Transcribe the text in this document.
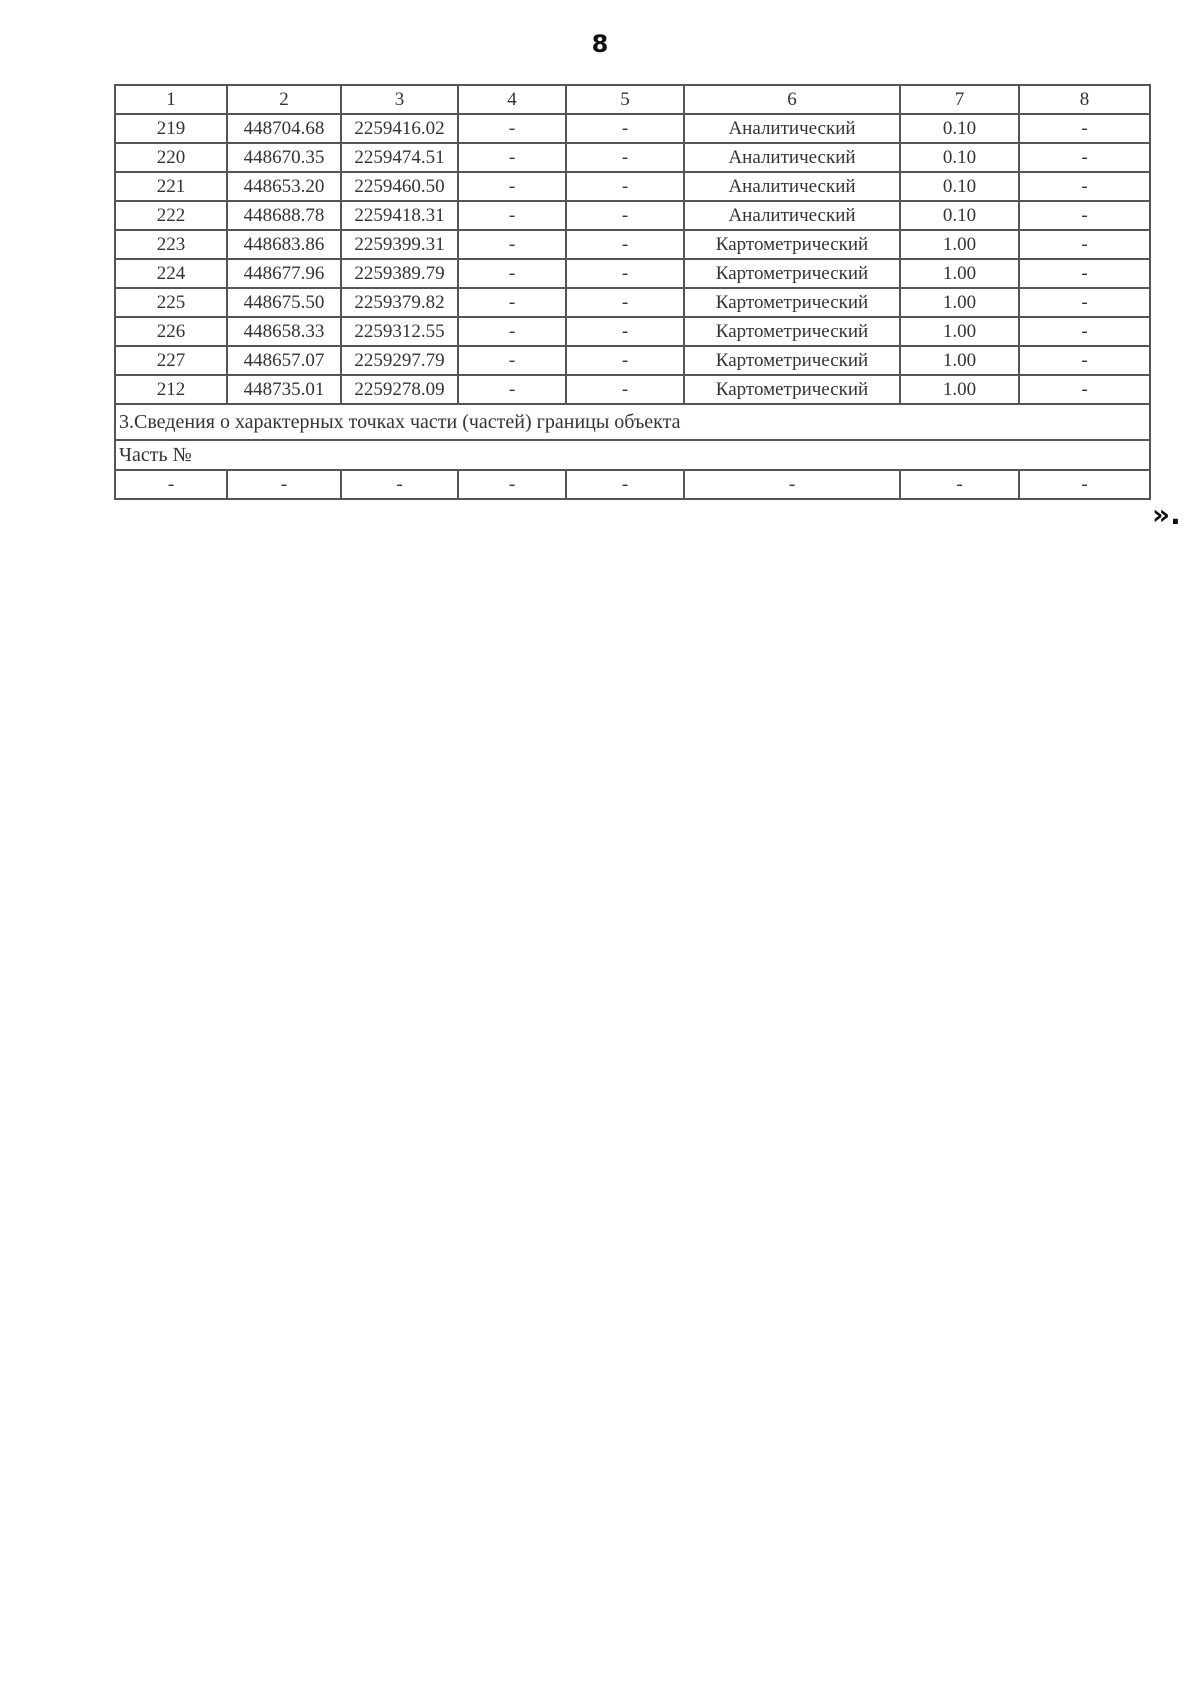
8
1	2	3	4	5	6	7	8
219	448704.68	2259416.02	-	-	Аналитический	0.10	-
220	448670.35	2259474.51	-	-	Аналитический	0.10	-
221	448653.20	2259460.50	-	-	Аналитический	0.10	-
222	448688.78	2259418.31	-	-	Аналитический	0.10	-
223	448683.86	2259399.31	-	-	Картометрический	1.00	-
224	448677.96	2259389.79	-	-	Картометрический	1.00	-
225	448675.50	2259379.82	-	-	Картометрический	1.00	-
226	448658.33	2259312.55	-	-	Картометрический	1.00	-
227	448657.07	2259297.79	-	-	Картометрический	1.00	-
212	448735.01	2259278.09	-	-	Картометрический	1.00	-
3.Сведения о характерных точках части (частей) границы объекта							
Часть №							
-	-	-	-	-	-	-	-
».
